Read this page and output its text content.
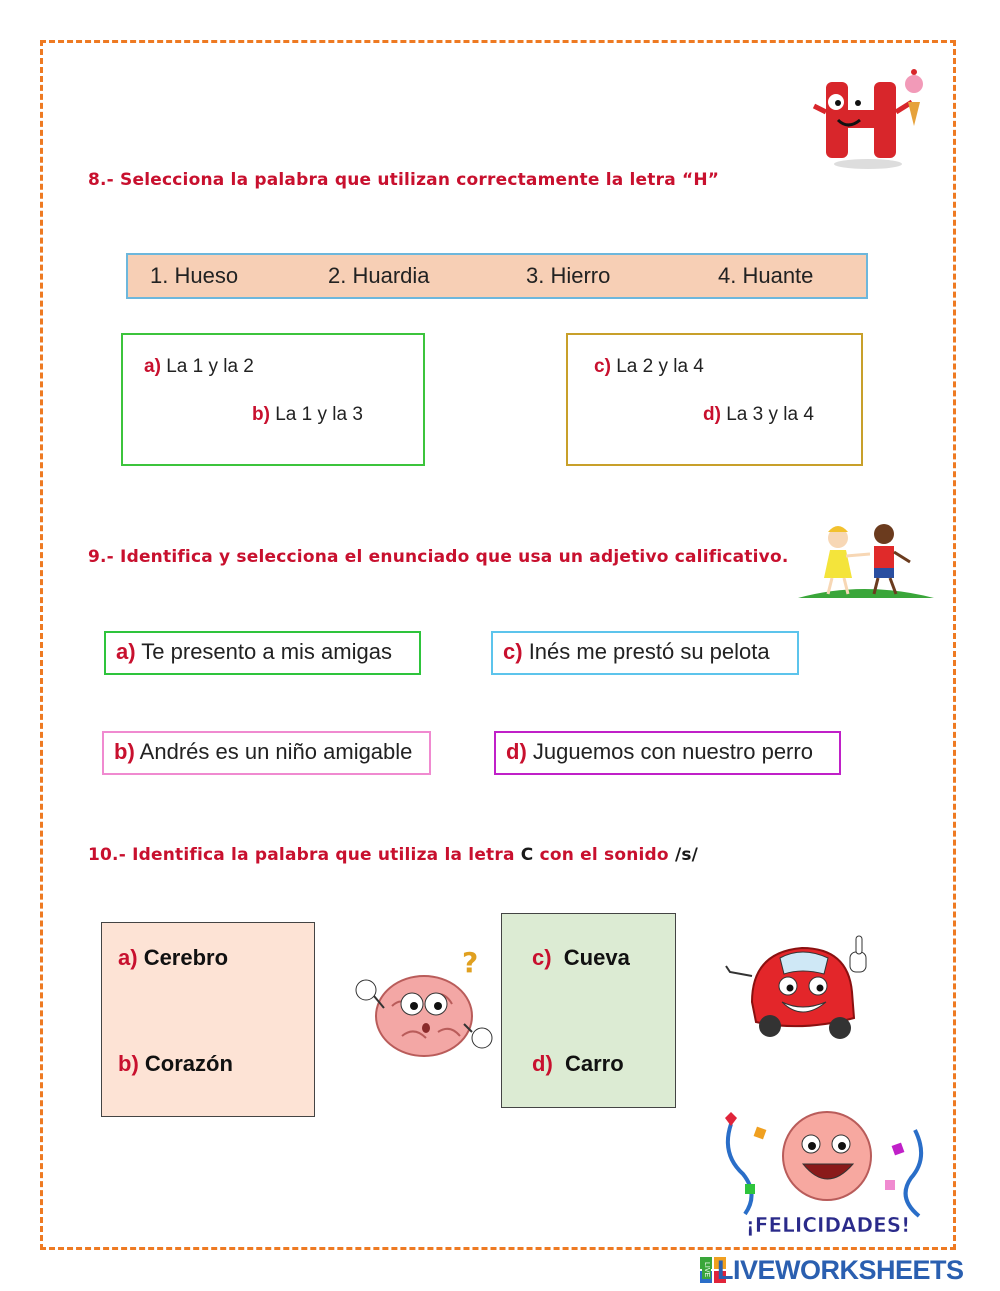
8.- Selecciona la palabra que utilizan correctamente la letra “H”
1. Hueso	2. Huardia	3. Hierro	4. Huante
a) La 1 y la 2
b) La 1 y la 3
c) La 2 y la 4
d) La 3 y la 4
9.- Identifica y selecciona el enunciado que usa un adjetivo calificativo.
a) Te presento a mis amigas	c) Inés me prestó su pelota
b) Andrés es un niño amigable	d) Juguemos con nuestro perro
10.- Identifica la palabra que utiliza la letra C con el sonido /s/
a) Cerebro
b) Corazón
c) Cueva
d) Carro
?
¡FELICIDADES!
LIVE LIVEWORKSHEETS
